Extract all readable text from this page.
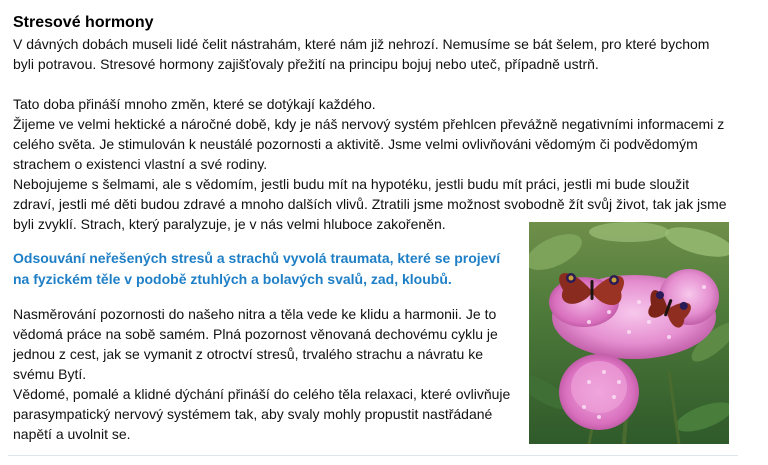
Stresové hormony

V dávných dobách museli lidé čelit nástrahám, které nám již nehrozí. Nemusíme se bát šelem, pro které bychom byli potravou. Stresové hormony zajišťovaly přežití na principu bojuj nebo uteč, případně ustrň.

Tato doba přináší mnoho změn, které se dotýkají každého.

Žijeme ve velmi hektické a náročné době, kdy je náš nervový systém přehlcen převážně negativními informacemi z celého světa. Je stimulován k neustálé pozornosti a aktivitě. Jsme velmi ovlivňováni vědomým či podvědomým strachem o existenci vlastní a své rodiny.

Nebojujeme s šelmami, ale s vědomím, jestli budu mít na hypotéku, jestli budu mít práci, jestli mi bude sloužit zdraví, jestli mé děti budou zdravé a mnoho dalších vlivů. Ztratili jsme možnost svobodně žít svůj život, tak jak jsme byli zvyklí. Strach, který paralyzuje, je v nás velmi hluboce zakořeněn.

Odsouvání neřešených stresů a strachů vyvolá traumata, které se projeví na fyzickém těle v podobě ztuhlých a bolavých svalů, zad, kloubů.

Nasměrování pozornosti do našeho nitra a těla vede ke klidu a harmonii. Je to vědomá práce na sobě samém. Plná pozornost věnovaná dechovému cyklu je jednou z cest, jak se vymanit z otroctví stresů, trvalého strachu a návratu ke svému Bytí.

Vědomé, pomalé a klidné dýchání přináší do celého těla relaxaci, které ovlivňuje parasympatický nervový systémem tak, aby svaly mohly propustit nastřádané napětí a uvolnit se.
